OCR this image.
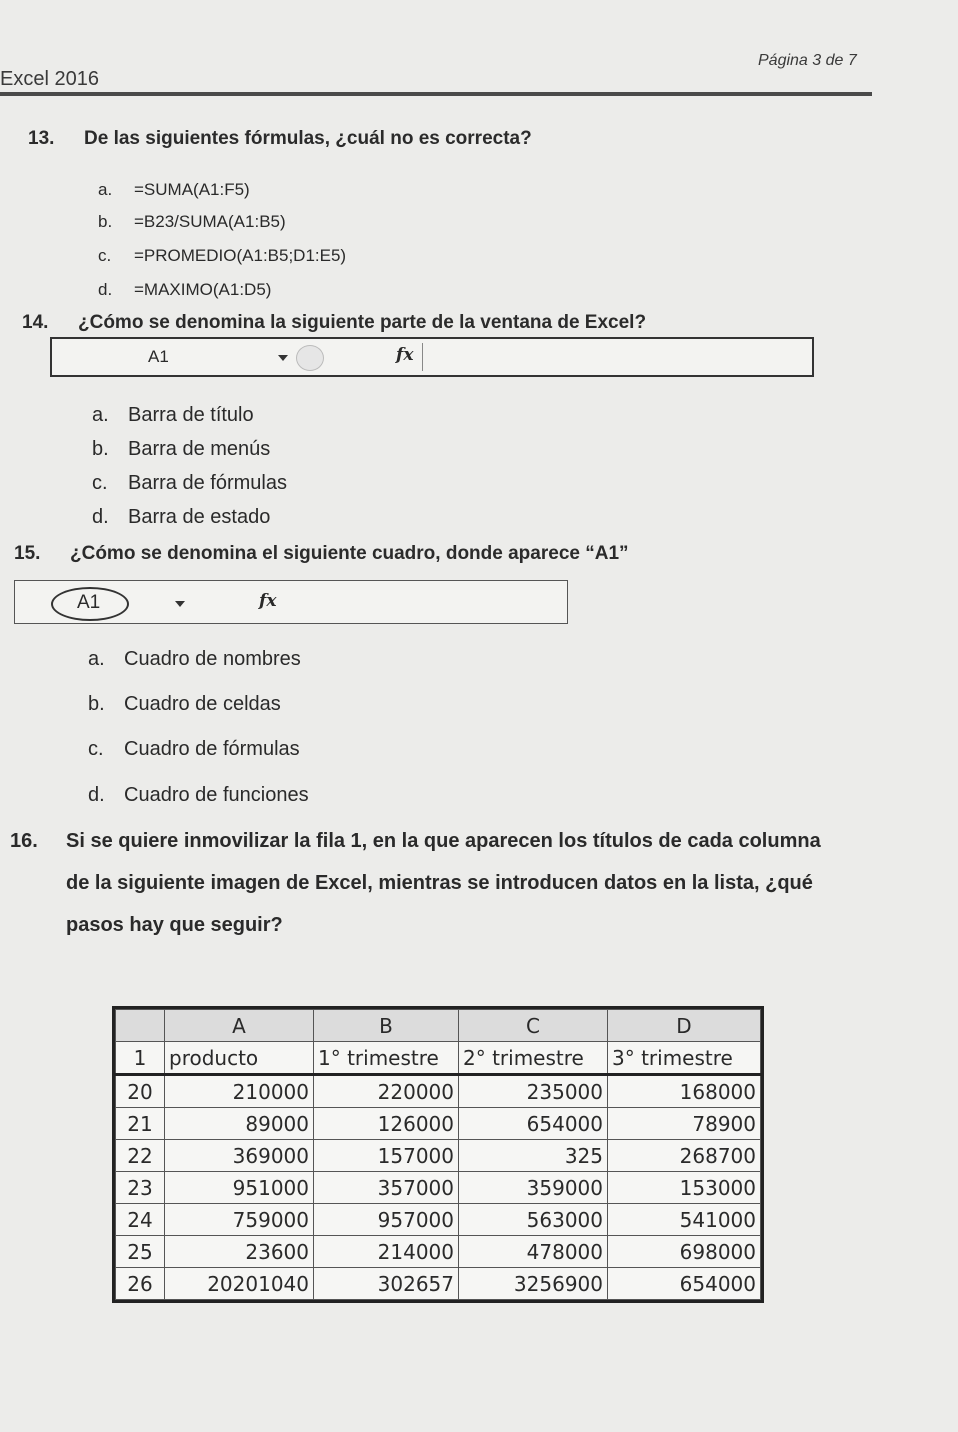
Excel 2016
Página 3 de 7
13. De las siguientes fórmulas, ¿cuál no es correcta?
a. =SUMA(A1:F5)
b. =B23/SUMA(A1:B5)
c. =PROMEDIO(A1:B5;D1:E5)
d. =MAXIMO(A1:D5)
14. ¿Cómo se denomina la siguiente parte de la ventana de Excel?
A1	fx
a. Barra de título
b. Barra de menús
c. Barra de fórmulas
d. Barra de estado
15. ¿Cómo se denomina el siguiente cuadro, donde aparece “A1”
A1	fx
a. Cuadro de nombres
b. Cuadro de celdas
c. Cuadro de fórmulas
d. Cuadro de funciones
16. Si se quiere inmovilizar la fila 1, en la que aparecen los títulos de cada columna
de la siguiente imagen de Excel, mientras se introducen datos en la lista, ¿qué
pasos hay que seguir?
	A	B	C	D
1	producto	1° trimestre	2° trimestre	3° trimestre
20	210000	220000	235000	168000
21	89000	126000	654000	78900
22	369000	157000	325	268700
23	951000	357000	359000	153000
24	759000	957000	563000	541000
25	23600	214000	478000	698000
26	20201040	302657	3256900	654000
